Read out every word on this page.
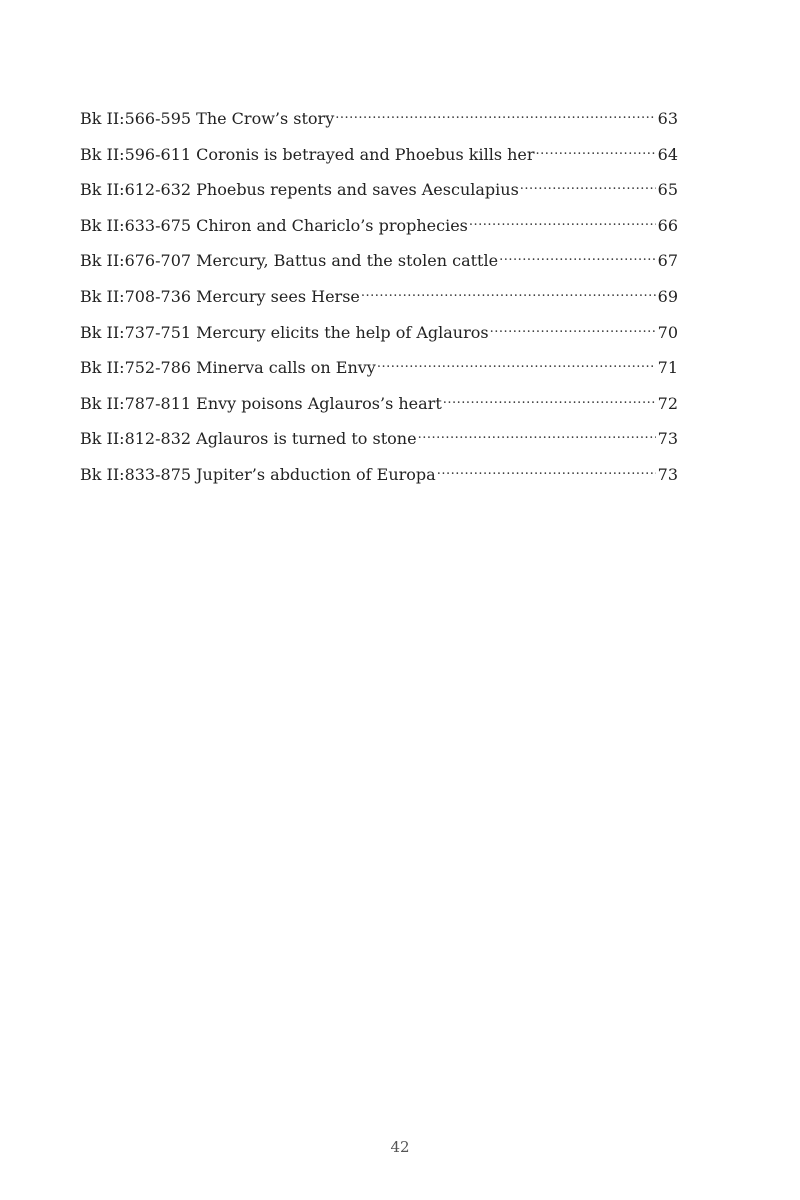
Bk II:566-595 The Crow’s story .....	63
Bk II:596-611 Coronis is betrayed and Phoebus kills her .....	64
Bk II:612-632 Phoebus repents and saves Aesculapius .....	65
Bk II:633-675 Chiron and Chariclo’s prophecies .....	66
Bk II:676-707 Mercury, Battus and the stolen cattle .....	67
Bk II:708-736 Mercury sees Herse .....	69
Bk II:737-751 Mercury elicits the help of Aglauros .....	70
Bk II:752-786 Minerva calls on Envy .....	71
Bk II:787-811 Envy poisons Aglauros’s heart .....	72
Bk II:812-832 Aglauros is turned to stone .....	73
Bk II:833-875 Jupiter’s abduction of Europa .....	73
42
